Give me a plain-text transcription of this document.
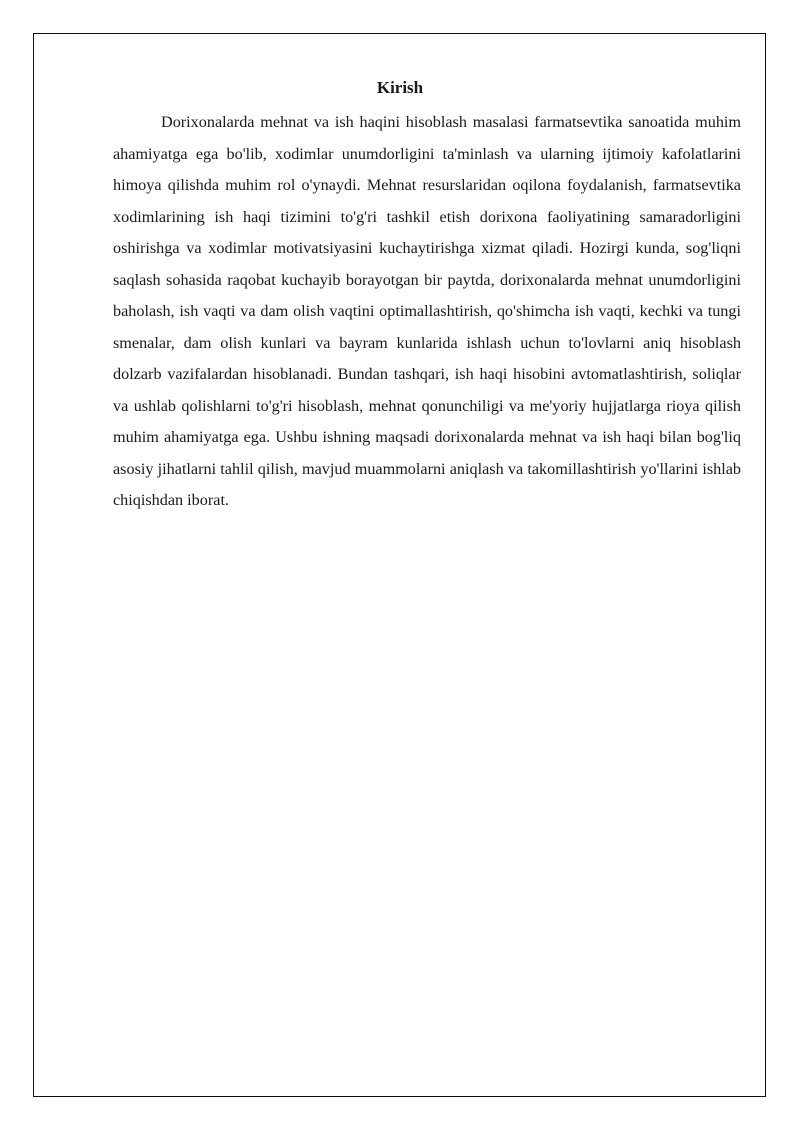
Kirish

Dorixonalarda mehnat va ish haqini hisoblash masalasi farmatsevtika sanoatida muhim ahamiyatga ega bo'lib, xodimlar unumdorligini ta'minlash va ularning ijtimoiy kafolatlarini himoya qilishda muhim rol o'ynaydi. Mehnat resurslaridan oqilona foydalanish, farmatsevtika xodimlarining ish haqi tizimini to'g'ri tashkil etish dorixona faoliyatining samaradorligini oshirishga va xodimlar motivatsiyasini kuchaytirishga xizmat qiladi. Hozirgi kunda, sog'liqni saqlash sohasida raqobat kuchayib borayotgan bir paytda, dorixonalarda mehnat unumdorligini baholash, ish vaqti va dam olish vaqtini optimallashtirish, qo'shimcha ish vaqti, kechki va tungi smenalar, dam olish kunlari va bayram kunlarida ishlash uchun to'lovlarni aniq hisoblash dolzarb vazifalardan hisoblanadi. Bundan tashqari, ish haqi hisobini avtomatlashtirish, soliqlar va ushlab qolishlarni to'g'ri hisoblash, mehnat qonunchiligi va me'yoriy hujjatlarga rioya qilish muhim ahamiyatga ega. Ushbu ishning maqsadi dorixonalarda mehnat va ish haqi bilan bog'liq asosiy jihatlarni tahlil qilish, mavjud muammolarni aniqlash va takomillashtirish yo'llarini ishlab chiqishdan iborat.
